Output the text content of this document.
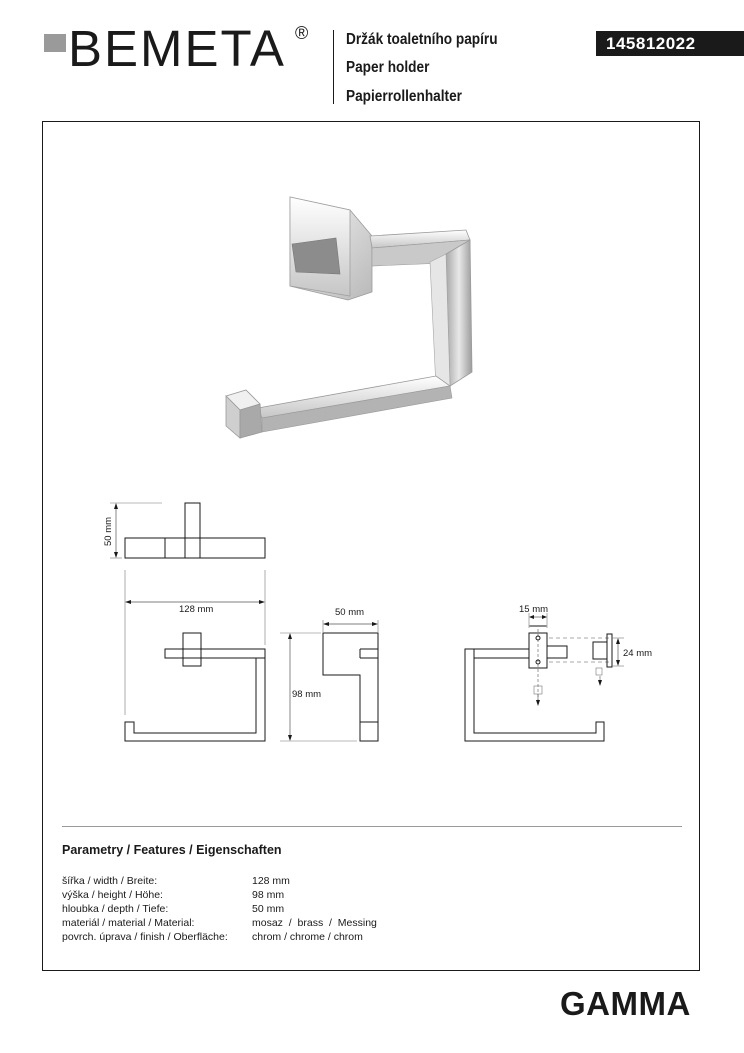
BEMETA ® Držák toaletního papíru
Paper holder
Papierrollenhalter
145812022
50 mm
128 mm	50 mm
98 mm
15 mm
24 mm
Parametry / Features / Eigenschaften
šířka / width / Breite:	128 mm
výška / height / Höhe:	98 mm
hloubka / depth / Tiefe:	50 mm
materiál / material / Material:	mosaz  /  brass  /  Messing
povrch. úprava / finish / Oberfläche: chrom / chrome / chrom
GAMMA
